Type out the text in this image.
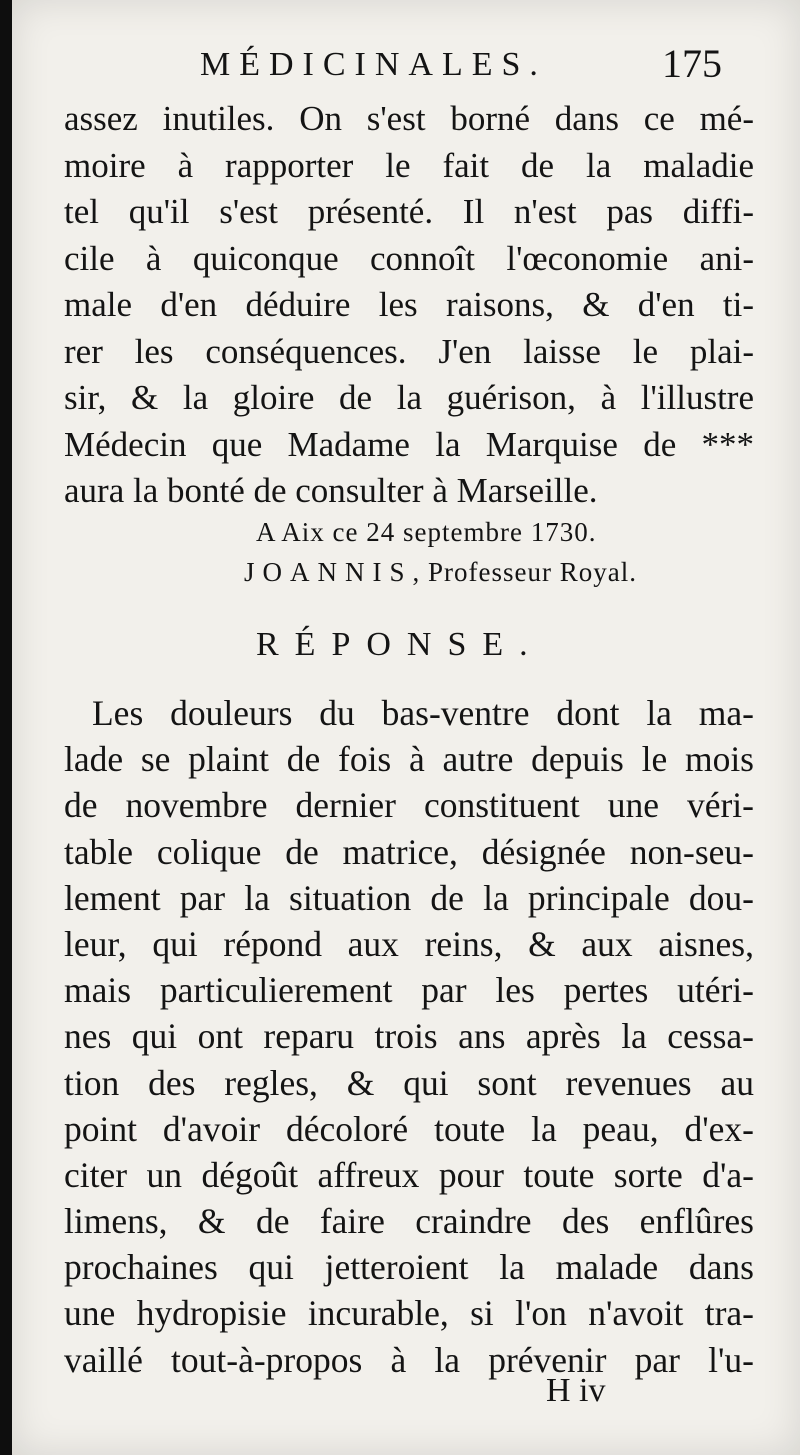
MÉDICINALES.	175
assez inutiles. On s'est borné dans ce mé-
moire à rapporter le fait de la maladie
tel qu'il s'est présenté. Il n'est pas diffi-
cile à quiconque connoît l'œconomie ani-
male d'en déduire les raisons, & d'en ti-
rer les conséquences. J'en laisse le plai-
sir, & la gloire de la guérison, à l'illustre
Médecin que Madame la Marquise de ***
aura la bonté de consulter à Marseille.
A Aix ce 24 septembre 1730.
JOANNIS, Professeur Royal.
RÉPONSE.
Les douleurs du bas-ventre dont la ma-
lade se plaint de fois à autre depuis le mois
de novembre dernier constituent une véri-
table colique de matrice, désignée non-seu-
lement par la situation de la principale dou-
leur, qui répond aux reins, & aux aisnes,
mais particulierement par les pertes utéri-
nes qui ont reparu trois ans après la cessa-
tion des regles, & qui sont revenues au
point d'avoir décoloré toute la peau, d'ex-
citer un dégoût affreux pour toute sorte d'a-
limens, & de faire craindre des enflûres
prochaines qui jetteroient la malade dans
une hydropisie incurable, si l'on n'avoit tra-
vaillé tout-à-propos à la prévenir par l'u-
H iv
